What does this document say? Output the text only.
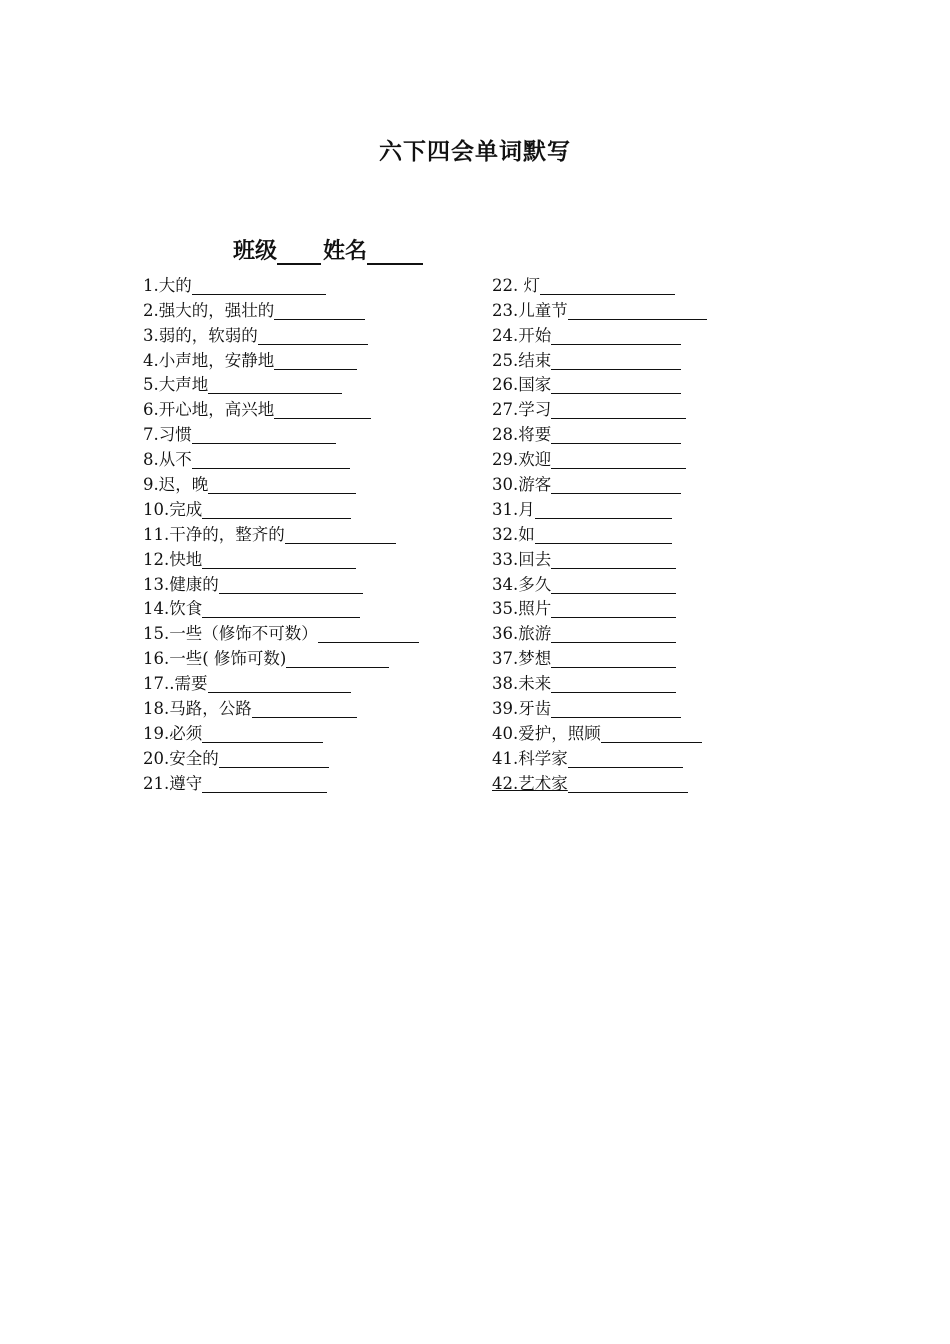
六下四会单词默写
班级 姓名
1.大的
2.强大的，强壮的
3.弱的，软弱的
4.小声地，安静地
5.大声地
6.开心地，高兴地
7.习惯
8.从不
9.迟，晚
10.完成
11.干净的，整齐的
12.快地
13.健康的
14.饮食
15.一些（修饰不可数）
16.一些( 修饰可数)
17..需要
18.马路，公路
19.必须
20.安全的
21.遵守
22. 灯
23.儿童节
24.开始
25.结束
26.国家
27.学习
28.将要
29.欢迎
30.游客
31.月
32.如
33.回去
34.多久
35.照片
36.旅游
37.梦想
38.未来
39.牙齿
40.爱护，照顾
41.科学家
42.艺术家
